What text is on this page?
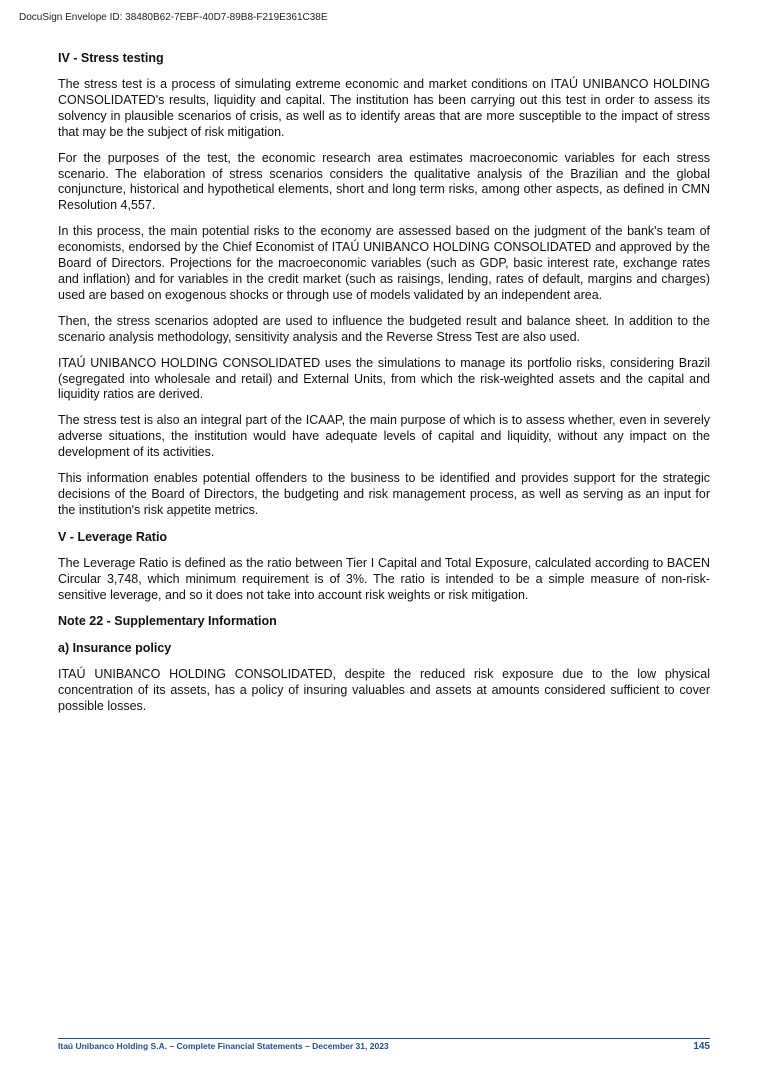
DocuSign Envelope ID: 38480B62-7EBF-40D7-89B8-F219E361C38E
IV - Stress testing

The stress test is a process of simulating extreme economic and market conditions on ITAÚ UNIBANCO HOLDING CONSOLIDATED's results, liquidity and capital. The institution has been carrying out this test in order to assess its solvency in plausible scenarios of crisis, as well as to identify areas that are more susceptible to the impact of stress that may be the subject of risk mitigation.

For the purposes of the test, the economic research area estimates macroeconomic variables for each stress scenario. The elaboration of stress scenarios considers the qualitative analysis of the Brazilian and the global conjuncture, historical and hypothetical elements, short and long term risks, among other aspects, as defined in CMN Resolution 4,557.

In this process, the main potential risks to the economy are assessed based on the judgment of the bank's team of economists, endorsed by the Chief Economist of ITAÚ UNIBANCO HOLDING CONSOLIDATED and approved by the Board of Directors. Projections for the macroeconomic variables (such as GDP, basic interest rate, exchange rates and inflation) and for variables in the credit market (such as raisings, lending, rates of default, margins and charges) used are based on exogenous shocks or through use of models validated by an independent area.

Then, the stress scenarios adopted are used to influence the budgeted result and balance sheet. In addition to the scenario analysis methodology, sensitivity analysis and the Reverse Stress Test are also used.

ITAÚ UNIBANCO HOLDING CONSOLIDATED uses the simulations to manage its portfolio risks, considering Brazil (segregated into wholesale and retail) and External Units, from which the risk-weighted assets and the capital and liquidity ratios are derived.

The stress test is also an integral part of the ICAAP, the main purpose of which is to assess whether, even in severely adverse situations, the institution would have adequate levels of capital and liquidity, without any impact on the development of its activities.

This information enables potential offenders to the business to be identified and provides support for the strategic decisions of the Board of Directors, the budgeting and risk management process, as well as serving as an input for the institution's risk appetite metrics.

V - Leverage Ratio

The Leverage Ratio is defined as the ratio between Tier I Capital and Total Exposure, calculated according to BACEN Circular 3,748, which minimum requirement is of 3%. The ratio is intended to be a simple measure of non-risk-sensitive leverage, and so it does not take into account risk weights or risk mitigation.

Note 22 - Supplementary Information
a) Insurance policy

ITAÚ UNIBANCO HOLDING CONSOLIDATED, despite the reduced risk exposure due to the low physical concentration of its assets, has a policy of insuring valuables and assets at amounts considered sufficient to cover possible losses.

Itaú Unibanco Holding S.A. – Complete Financial Statements – December 31, 2023	145
